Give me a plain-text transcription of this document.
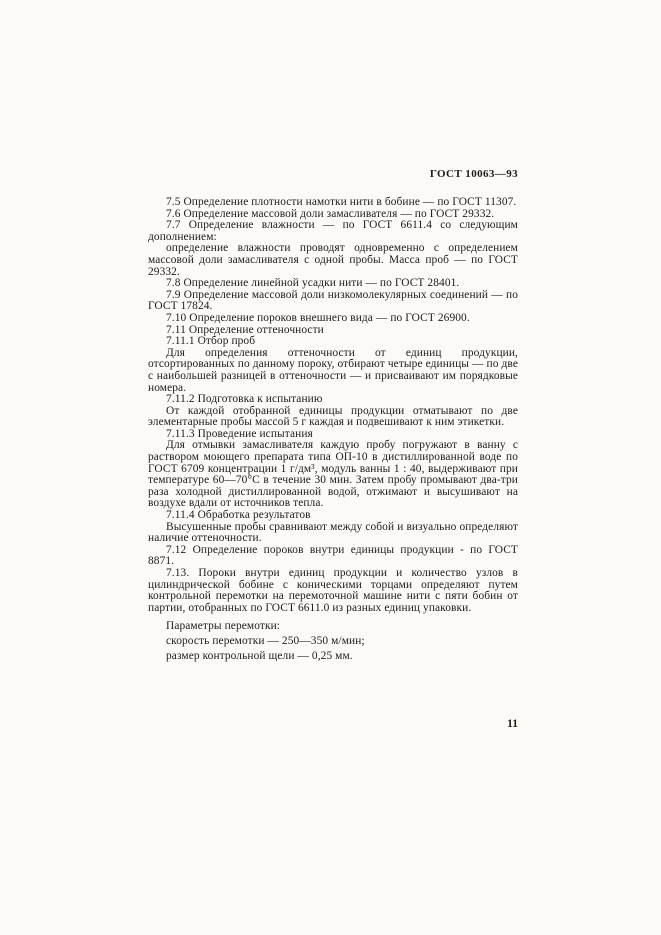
ГОСТ 10063—93

7.5 Определение плотности намотки нити в бобине — по ГОСТ 11307.

7.6 Определение массовой доли замасливателя — по ГОСТ 29332.

7.7 Определение влажности — по ГОСТ 6611.4 со следующим дополнением:

определение влажности проводят одновременно с определением массовой доли замасливателя с одной пробы. Масса проб — по ГОСТ 29332.

7.8 Определение линейной усадки нити — по ГОСТ 28401.

7.9 Определение массовой доли низкомолекулярных соединений — по ГОСТ 17824.

7.10 Определение пороков внешнего вида — по ГОСТ 26900.

7.11 Определение оттеночности

7.11.1 Отбор проб

Для определения оттеночности от единиц продукции, отсортированных по данному пороку, отбирают четыре единицы — по две с наибольшей разницей в оттеночности — и присваивают им порядковые номера.

7.11.2 Подготовка к испытанию

От каждой отобранной единицы продукции отматывают по две элементарные пробы массой 5 г каждая и подвешивают к ним этикетки.

7.11.3 Проведение испытания

Для отмывки замасливателя каждую пробу погружают в ванну с раствором моющего препарата типа ОП-10 в дистиллированной воде по ГОСТ 6709 концентрации 1 г/дм³, модуль ванны 1 : 40, выдерживают при температуре 60—70°С в течение 30 мин. Затем пробу промывают два-три раза холодной дистиллированной водой, отжимают и высушивают на воздухе вдали от источников тепла.

7.11.4 Обработка результатов

Высушенные пробы сравнивают между собой и визуально определяют наличие оттеночности.

7.12 Определение пороков внутри единицы продукции - по ГОСТ 8871.

7.13. Пороки внутри единиц продукции и количество узлов в цилиндрической бобине с коническими торцами определяют путем контрольной перемотки на перемоточной машине нити с пяти бобин от партии, отобранных по ГОСТ 6611.0 из разных единиц упаковки.

Параметры перемотки:

скорость перемотки — 250—350 м/мин;

размер контрольной щели — 0,25 мм.

11
